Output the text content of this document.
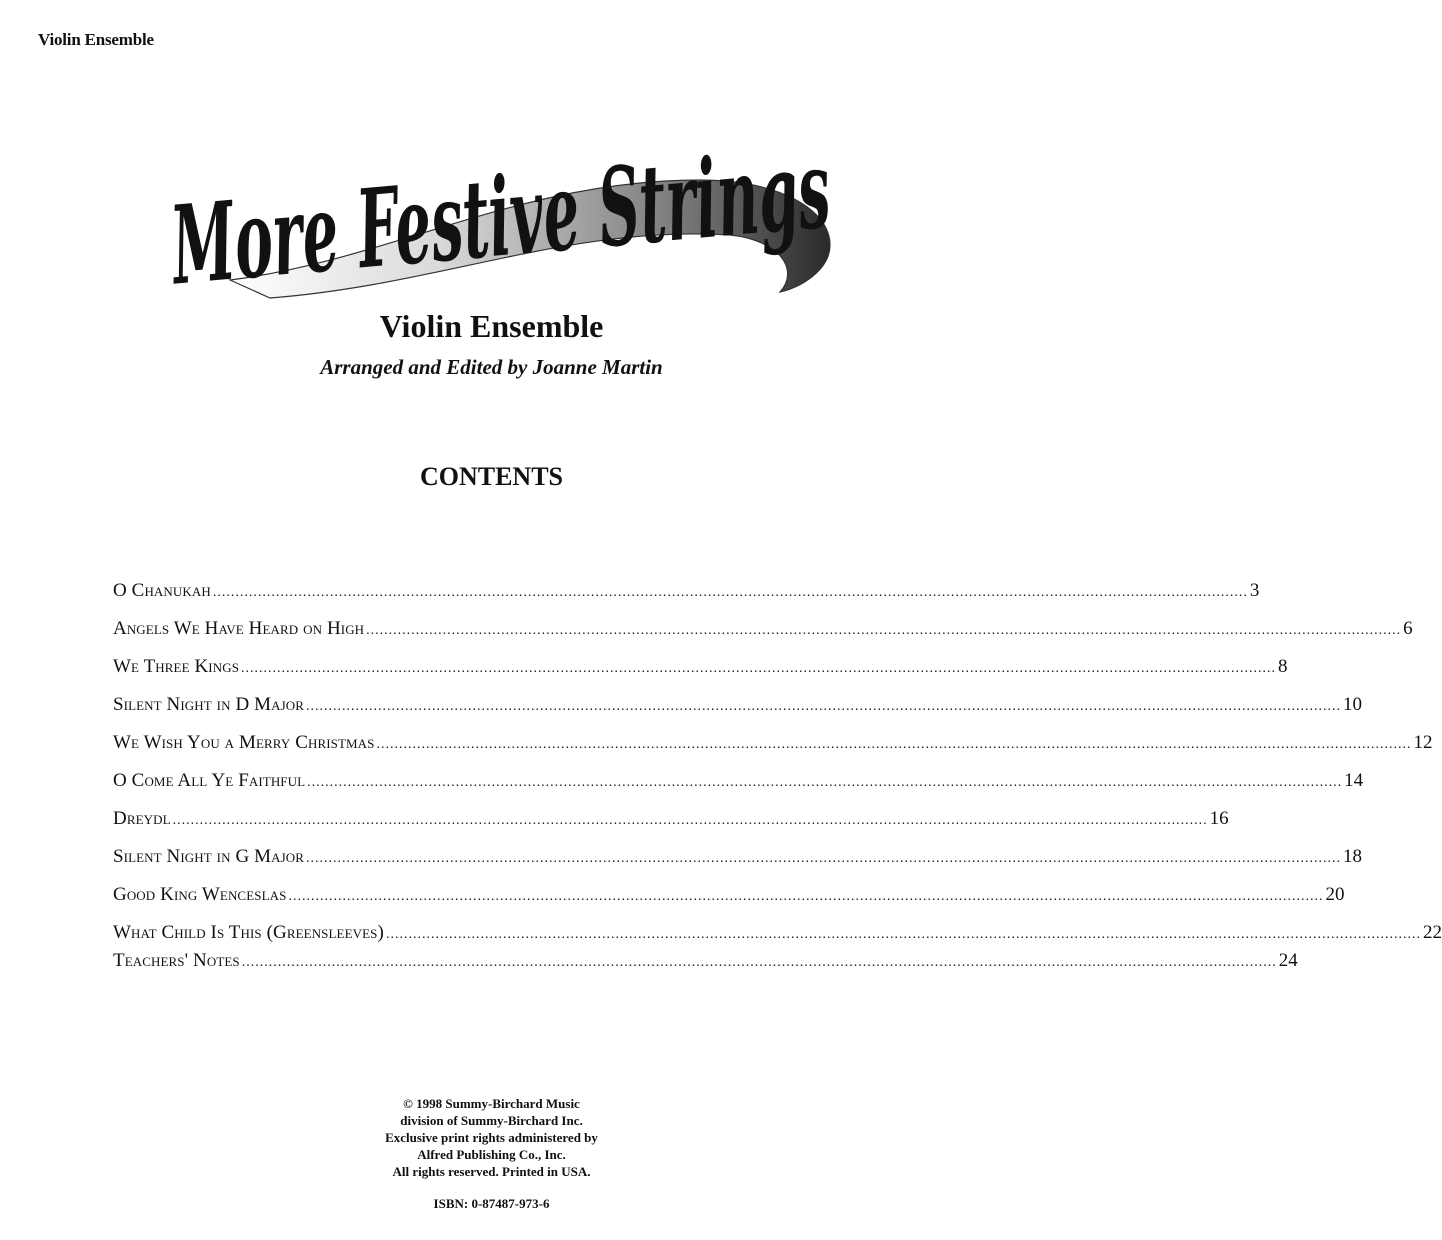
Violin Ensemble
More Festive Strings
Violin Ensemble
Arranged and Edited by Joanne Martin
CONTENTS
O Chanukah .....	3
Angels We Have Heard on High .....	6
We Three Kings .....	8
Silent Night in D Major .....	10
We Wish You a Merry Christmas .....	12
O Come All Ye Faithful .....	14
Dreydl .....	16
Silent Night in G Major .....	18
Good King Wenceslas .....	20
What Child Is This (Greensleeves) .....	22
Teachers' Notes .....	24
© 1998 Summy-Birchard Music
division of Summy-Birchard Inc.
Exclusive print rights administered by
Alfred Publishing Co., Inc.
All rights reserved. Printed in USA.
ISBN: 0-87487-973-6
